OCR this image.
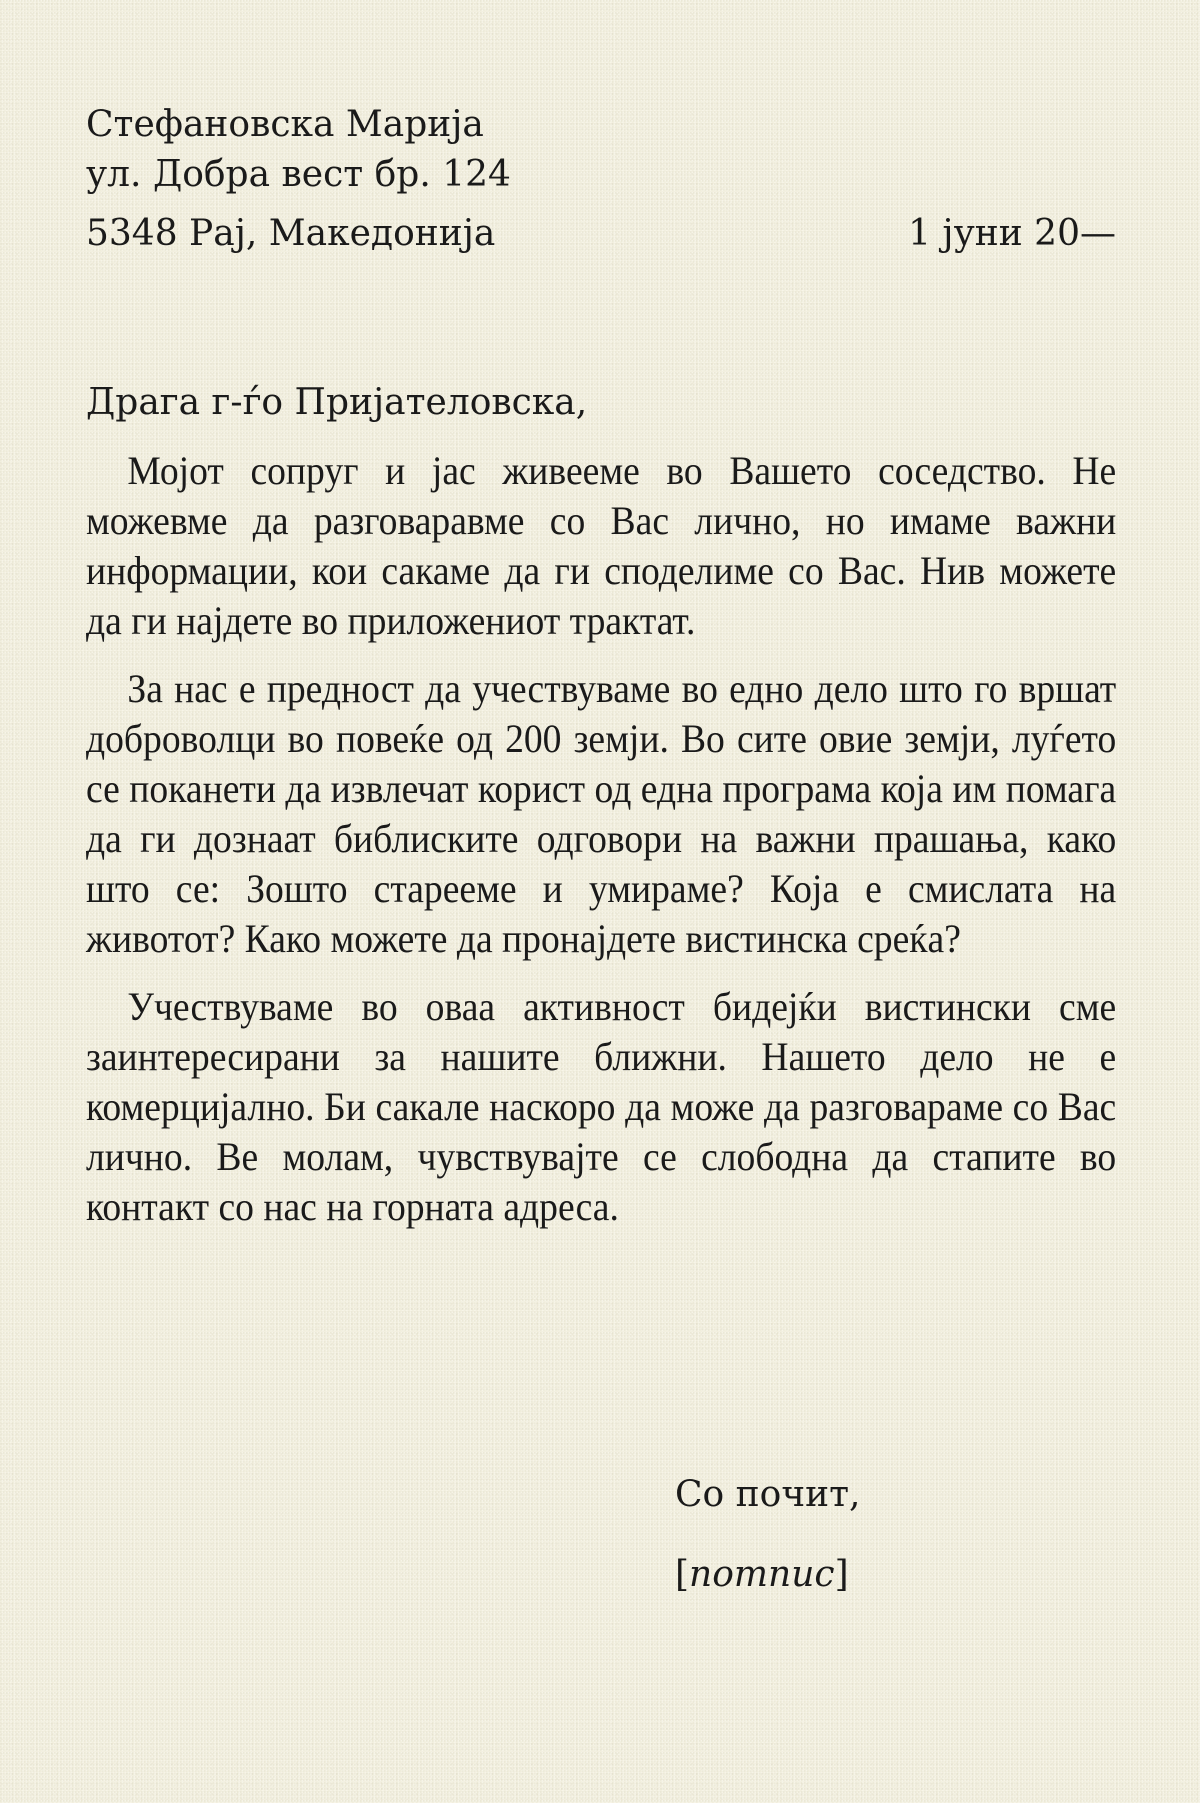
Стефановска Марија
ул. Добра вест бр. 124
5348 Рај, Македонија	1 јуни 20—
Драга г-ѓо Пријателовска,

Мојот сопруг и јас живееме во Вашето соседство. Не можевме да разговаравме со Вас лично, но имаме важни информации, кои сакаме да ги споделиме со Вас. Нив можете да ги најдете во приложениот трактат.

За нас е предност да учествуваме во едно дело што го вршат доброволци во повеќе од 200 земји. Во сите овие земји, луѓето се поканети да извлечат корист од една програма која им помага да ги дознаат библиските одговори на важни прашања, како што се: Зошто старееме и умираме? Која е смислата на животот? Како можете да пронајдете вистинска среќа?

Учествуваме во оваа активност бидејќи вистински сме заинтересирани за нашите ближни. Нашето дело не е комерцијално. Би сакале наскоро да може да разговараме со Вас лично. Ве молам, чувствувајте се слободна да стапите во контакт со нас на горната адреса.

Со почит,
[потпис]
